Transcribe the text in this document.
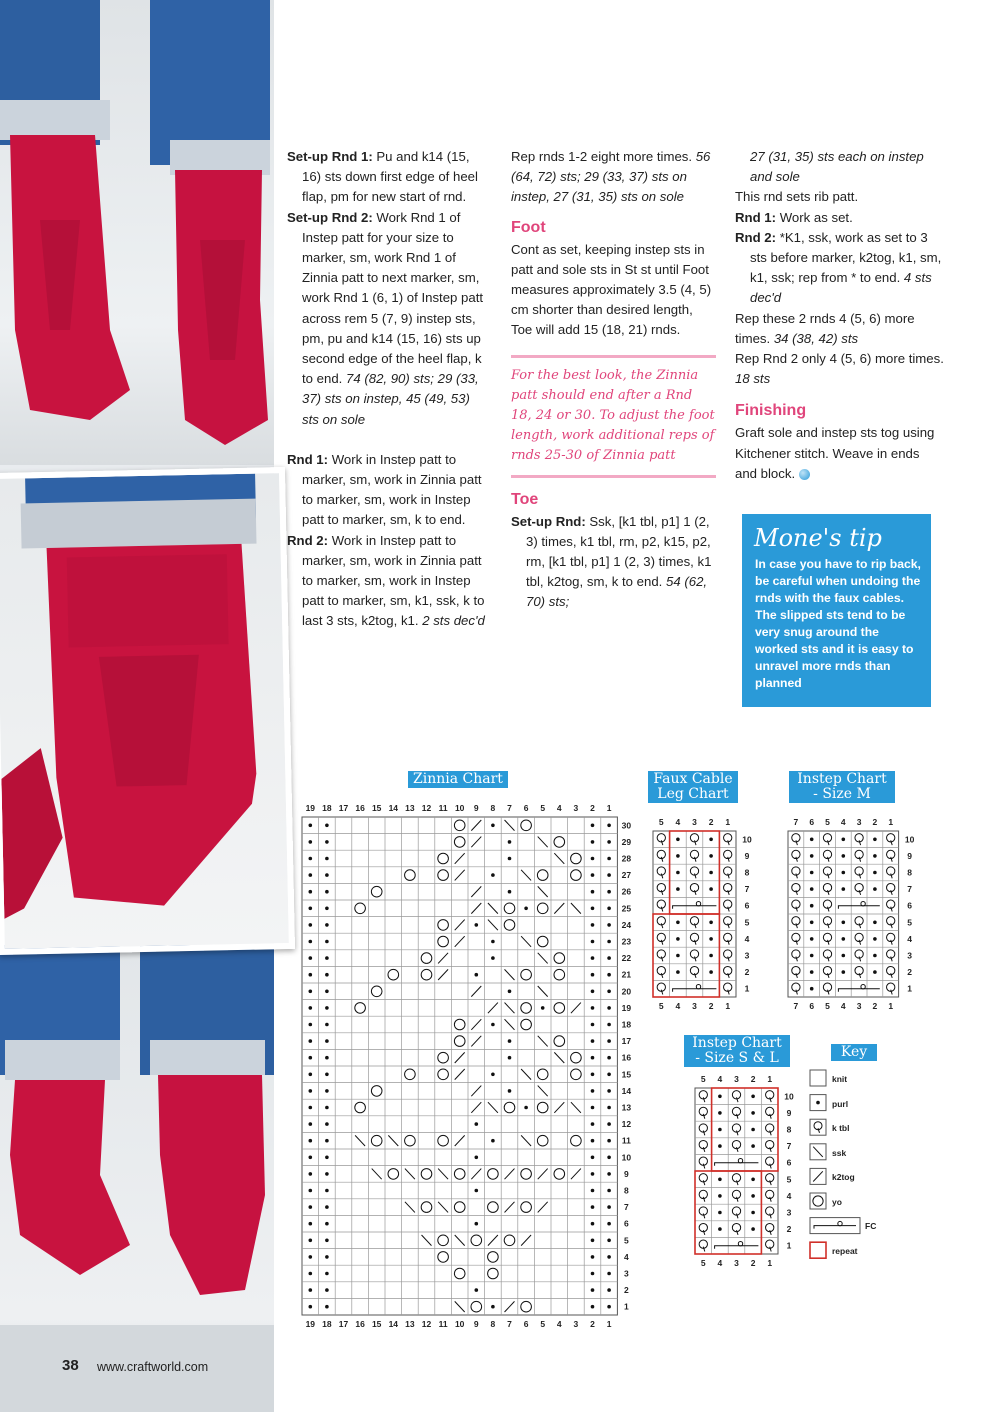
Set-up Rnd 1: Pu and k14 (15, 16) sts down first edge of heel flap, pm for new start of rnd.

Set-up Rnd 2: Work Rnd 1 of Instep patt for your size to marker, sm, work Rnd 1 of Zinnia patt to next marker, sm, work Rnd 1 (6, 1) of Instep patt across rem 5 (7, 9) instep sts, pm, pu and k14 (15, 16) sts up second edge of the heel flap, k to end. 74 (82, 90) sts; 29 (33, 37) sts on instep, 45 (49, 53) sts on sole

Rnd 1: Work in Instep patt to marker, sm, work in Zinnia patt to marker, sm, work in Instep patt to marker, sm, k to end.

Rnd 2: Work in Instep patt to marker, sm, work in Zinnia patt to marker, sm, work in Instep patt to marker, sm, k1, ssk, k to last 3 sts, k2tog, k1. 2 sts dec'd

Rep rnds 1-2 eight more times. 56 (64, 72) sts; 29 (33, 37) sts on instep, 27 (31, 35) sts on sole

Foot

Cont as set, keeping instep sts in patt and sole sts in St st until Foot measures approximately 3.5 (4, 5) cm shorter than desired length, Toe will add 15 (18, 21) rnds.

For the best look, the Zinnia patt should end after a Rnd 18, 24 or 30. To adjust the foot length, work additional reps of rnds 25-30 of Zinnia patt

Toe

Set-up Rnd: Ssk, [k1 tbl, p1] 1 (2, 3) times, k1 tbl, rm, p2, k15, p2, rm, [k1 tbl, p1] 1 (2, 3) times, k1 tbl, k2tog, sm, k to end. 54 (62, 70) sts;

27 (31, 35) sts each on instep and sole

This rnd sets rib patt.

Rnd 1: Work as set.

Rnd 2: *K1, ssk, work as set to 3 sts before marker, k2tog, k1, sm, k1, ssk; rep from * to end. 4 sts dec'd

Rep these 2 rnds 4 (5, 6) more times. 34 (38, 42) sts

Rep Rnd 2 only 4 (5, 6) more times. 18 sts

Finishing

Graft sole and instep sts tog using Kitchener stitch. Weave in ends and block.

Mone's tip
In case you have to rip back, be careful when undoing the rnds with the faux cables. The slipped sts tend to be very snug around the worked sts and it is easy to unravel more rnds than planned
Zinnia Chart	Faux Cable
Leg Chart
Instep Chart
- Size M
Instep Chart
- Size S & L	Key
19
19
18
18
17
17
16
16
15
15
14
14
13
13
12
12
11
11
10
10
9
9
8
8
7
7
6
6
5
5
4
4
3
3
2
2
1
1
30
29
28
27
26
25
24
23
22
21
20
19
18
17
16
15
14
13
12
11
10
9
8
7
6
5
4
3
2
1
5
5
4
4
3
3
2
2
1
1
10
9
8
7
6
5
4
3
2
1
7
7
6
6
5
5
4
4
3
3
2
2
1
1
10
9
8
7
6
5
4
3
2
1
5
5
4
4
3
3
2
2
1
1
10
9
8
7
6
5
4
3
2
1
knit
purl
k tbl
ssk
k2tog
yo
FC
repeat
38 www.craftworld.com
